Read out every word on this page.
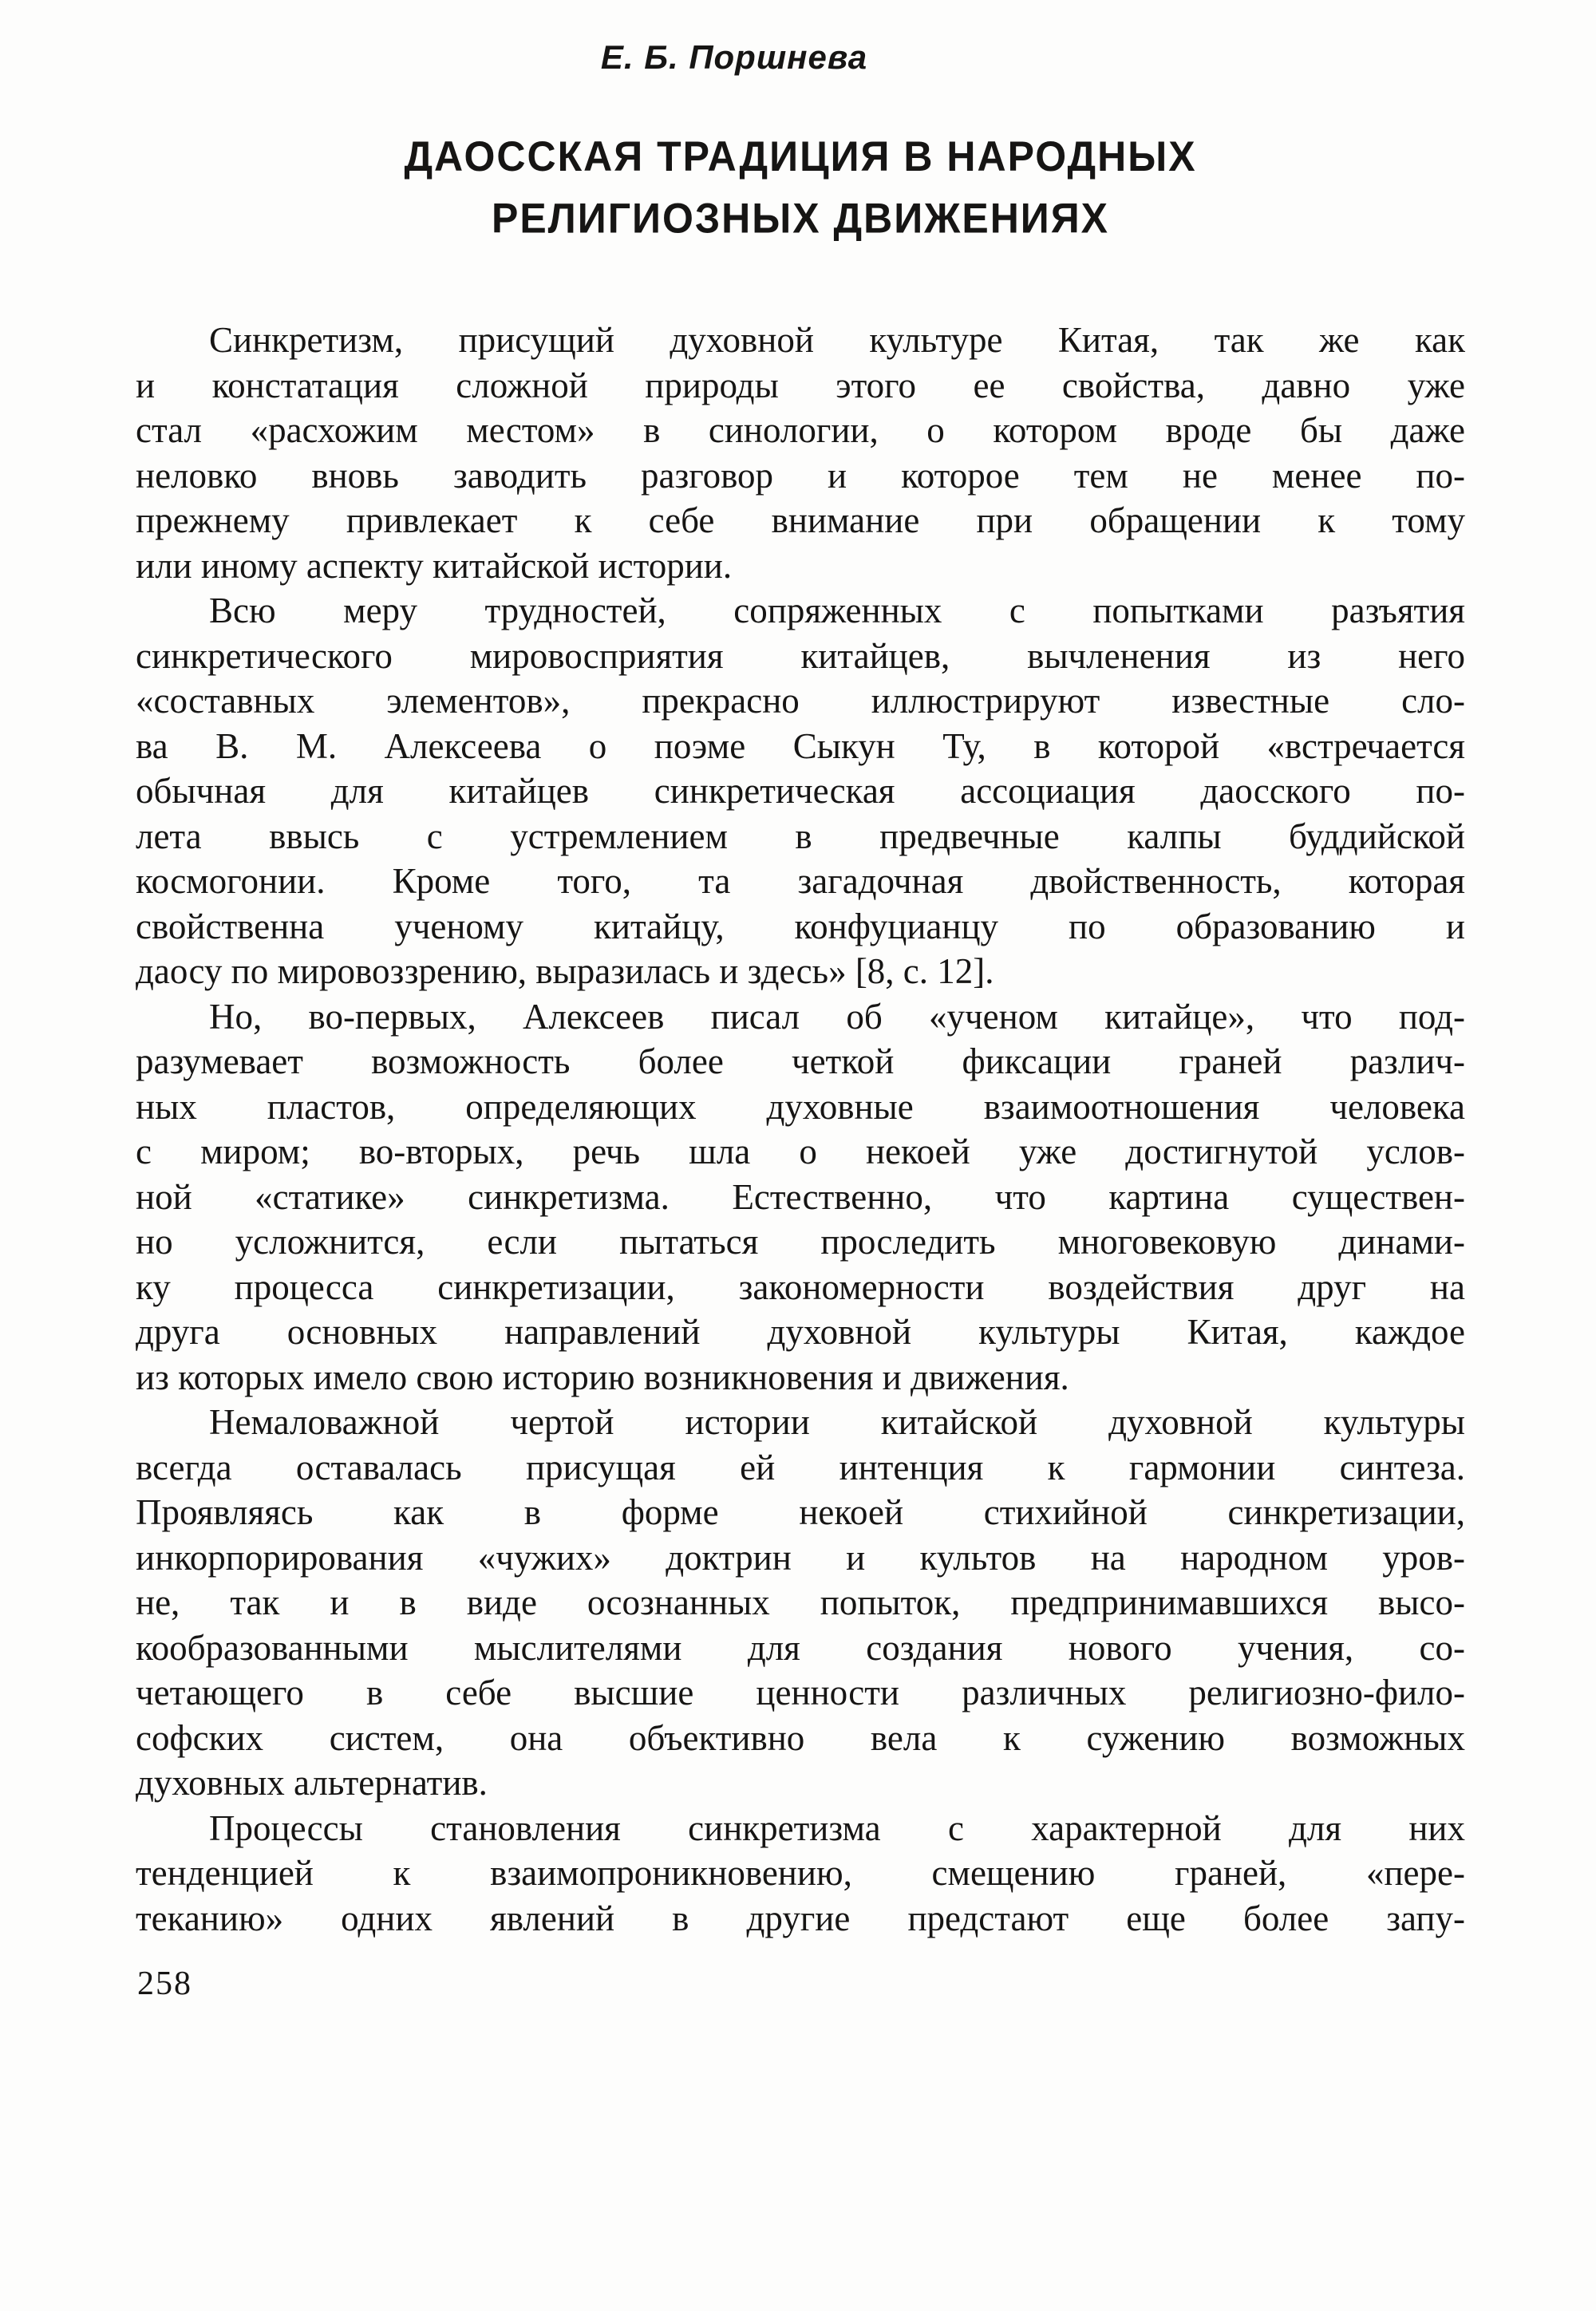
Е. Б. Поршнева
ДАОССКАЯ ТРАДИЦИЯ В НАРОДНЫХ
РЕЛИГИОЗНЫХ ДВИЖЕНИЯХ
Синкретизм, присущий духовной культуре Китая, так же как
и констатация сложной природы этого ее свойства, давно уже
стал «расхожим местом» в синологии, о котором вроде бы даже
неловко вновь заводить разговор и которое тем не менее по-
прежнему привлекает к себе внимание при обращении к тому
или иному аспекту китайской истории.
Всю меру трудностей, сопряженных с попытками разъятия
синкретического мировосприятия китайцев, вычленения из него
«составных элементов», прекрасно иллюстрируют известные сло-
ва В. М. Алексеева о поэме Сыкун Ту, в которой «встречается
обычная для китайцев синкретическая ассоциация даосского по-
лета ввысь с устремлением в предвечные калпы буддийской
космогонии. Кроме того, та загадочная двойственность, которая
свойственна ученому китайцу, конфуцианцу по образованию и
даосу по мировоззрению, выразилась и здесь» [8, с. 12].
Но, во-первых, Алексеев писал об «ученом китайце», что под-
разумевает возможность более четкой фиксации граней различ-
ных пластов, определяющих духовные взаимоотношения человека
с миром; во-вторых, речь шла о некоей уже достигнутой услов-
ной «статике» синкретизма. Естественно, что картина существен-
но усложнится, если пытаться проследить многовековую динами-
ку процесса синкретизации, закономерности воздействия друг на
друга основных направлений духовной культуры Китая, каждое
из которых имело свою историю возникновения и движения.
Немаловажной чертой истории китайской духовной культуры
всегда оставалась присущая ей интенция к гармонии синтеза.
Проявляясь как в форме некоей стихийной синкретизации,
инкорпорирования «чужих» доктрин и культов на народном уров-
не, так и в виде осознанных попыток, предпринимавшихся высо-
кообразованными мыслителями для создания нового учения, со-
четающего в себе высшие ценности различных религиозно-фило-
софских систем, она объективно вела к сужению возможных
духовных альтернатив.
Процессы становления синкретизма с характерной для них
тенденцией к взаимопроникновению, смещению граней, «пере-
теканию» одних явлений в другие предстают еще более запу-
258
